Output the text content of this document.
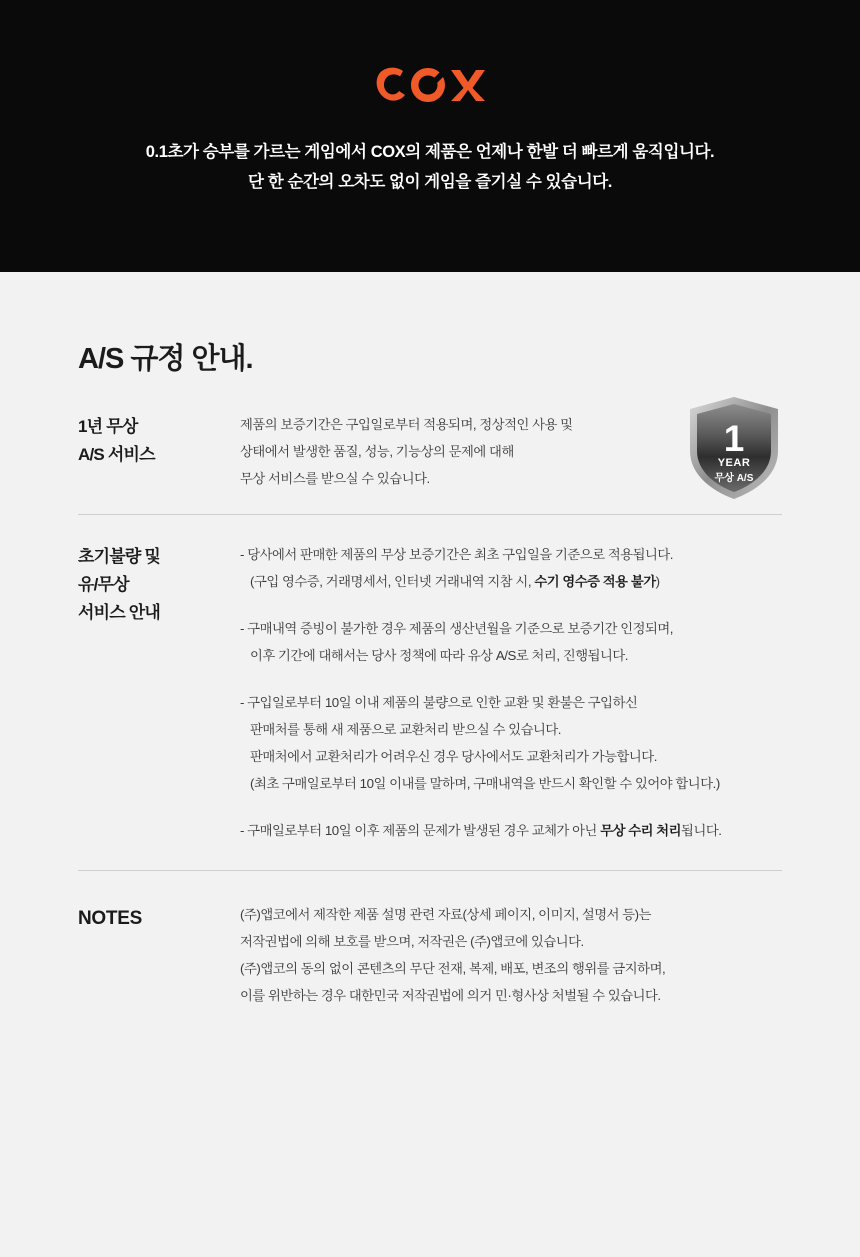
0.1초가 승부를 가르는 게임에서 COX의 제품은 언제나 한발 더 빠르게 움직입니다.
단 한 순간의 오차도 없이 게임을 즐기실 수 있습니다.
A/S 규정 안내.
1년 무상
A/S 서비스

제품의 보증기간은 구입일로부터 적용되며, 정상적인 사용 및

상태에서 발생한 품질, 성능, 기능상의 문제에 대해

무상 서비스를 받으실 수 있습니다.

1
YEAR
무상 A/S
초기불량 및
유/무상
서비스 안내

- 당사에서 판매한 제품의 무상 보증기간은 최초 구입일을 기준으로 적용됩니다.

(구입 영수증, 거래명세서, 인터넷 거래내역 지참 시, 수기 영수증 적용 불가)

- 구매내역 증빙이 불가한 경우 제품의 생산년월을 기준으로 보증기간 인정되며,

이후 기간에 대해서는 당사 정책에 따라 유상 A/S로 처리, 진행됩니다.

- 구입일로부터 10일 이내 제품의 불량으로 인한 교환 및 환불은 구입하신

판매처를 통해 새 제품으로 교환처리 받으실 수 있습니다.

판매처에서 교환처리가 어려우신 경우 당사에서도 교환처리가 가능합니다.

(최초 구매일로부터 10일 이내를 말하며, 구매내역을 반드시 확인할 수 있어야 합니다.)

- 구매일로부터 10일 이후 제품의 문제가 발생된 경우 교체가 아닌 무상 수리 처리됩니다.

NOTES	(주)앱코에서 제작한 제품 설명 관련 자료(상세 페이지, 이미지, 설명서 등)는

저작권법에 의해 보호를 받으며, 저작권은 (주)앱코에 있습니다.

(주)앱코의 동의 없이 콘텐츠의 무단 전재, 복제, 배포, 변조의 행위를 금지하며,

이를 위반하는 경우 대한민국 저작권법에 의거 민·형사상 처벌될 수 있습니다.
